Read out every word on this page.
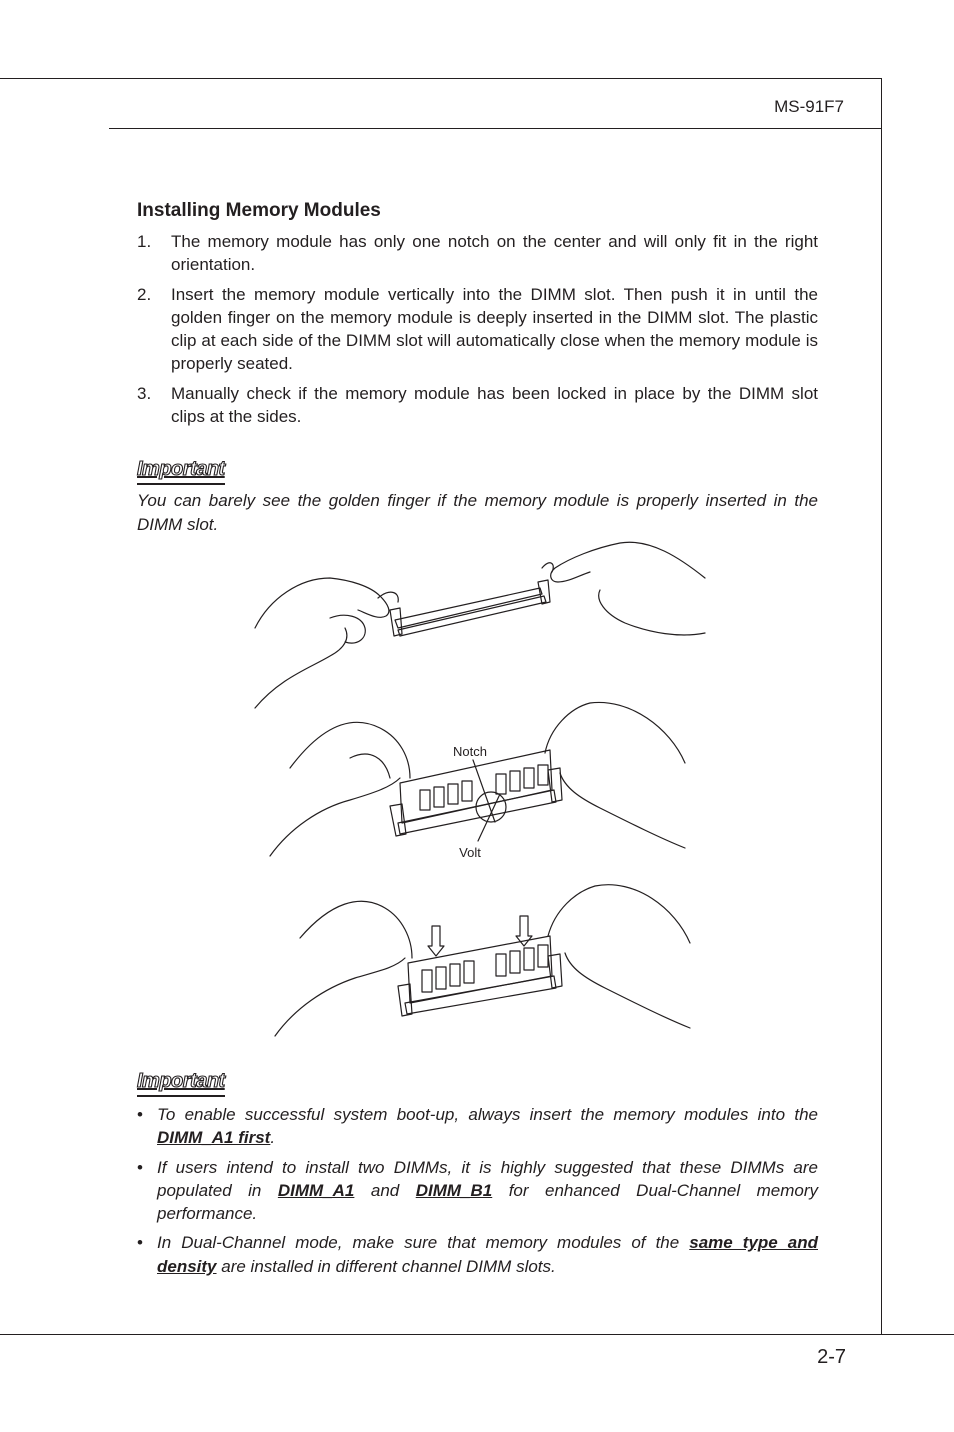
MS-91F7
Installing Memory Modules
1. The memory module has only one notch on the center and will only fit in the right orientation.
2. Insert the memory module vertically into the DIMM slot. Then push it in until the golden finger on the memory module is deeply inserted in the DIMM slot. The plastic clip at each side of the DIMM slot will automatically close when the memory module is properly seated.
3. Manually check if the memory module has been locked in place by the DIMM slot clips at the sides.
Important

You can barely see the golden finger if the memory module is properly inserted in the DIMM slot.

Notch
Volt
Important
• To enable successful system boot-up, always insert the memory modules into the DIMM_A1 first.
• If users intend to install two DIMMs, it is highly suggested that these DIMMs are populated in DIMM_A1 and DIMM_B1 for enhanced Dual-Channel memory performance.
• In Dual-Channel mode, make sure that memory modules of the same type and density are installed in different channel DIMM slots.
2-7
